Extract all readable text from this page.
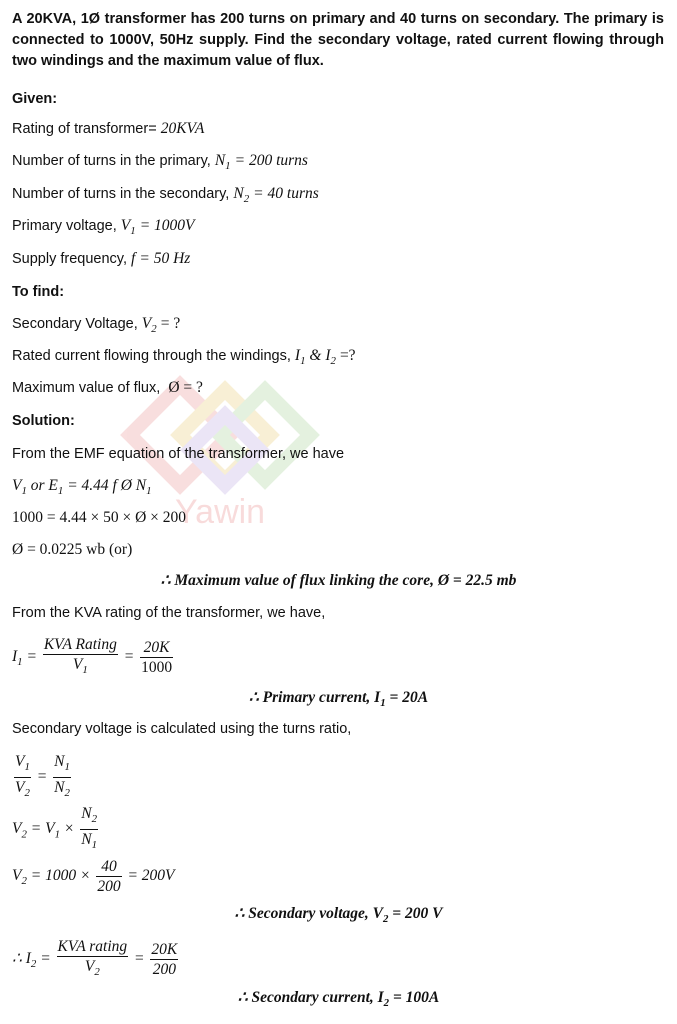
Yawin
A 20KVA, 1Ø transformer has 200 turns on primary and 40 turns on secondary. The primary is connected to 1000V, 50Hz supply. Find the secondary voltage, rated current flowing through two windings and the maximum value of flux.
Given:
Rating of transformer= 20KVA
Number of turns in the primary, $N_1 = 200$ turns
Number of turns in the secondary, $N_2 = 40$ turns
Primary voltage, $V_1 = 1000V$
Supply frequency, f = 50 Hz
To find:
Secondary Voltage, $V_2$ = ?
Rated current flowing through the windings, $I_1$ & $I_2$ =?
Maximum value of flux, Ø = ?
Solution:
From the EMF equation of the transformer, we have
$V_1$ or $E_1 = 4.44$ f Ø $N_1$
1000 = 4.44 × 50 × Ø × 200
Ø = 0.0225 wb (or)
∴ Maximum value of flux linking the core, Ø = 22.5 mb
From the KVA rating of the transformer, we have,
$I_1 = \frac{\text{KVA Rating}}{V_1} = \frac{20K}{1000}$
∴ Primary current, $I_1 = 20A$
Secondary voltage is calculated using the turns ratio,
$\frac{V_1}{V_2} = \frac{N_1}{N_2}$
$V_2 = V_1 \times \frac{N_2}{N_1}$
$V_2 = 1000 \times \frac{40}{200} = 200V$
∴ Secondary voltage, $V_2 = 200$ V
∴ $I_2 = \frac{\text{KVA rating}}{V_2} = \frac{20K}{200}$
∴ Secondary current, $I_2 = 100A$
